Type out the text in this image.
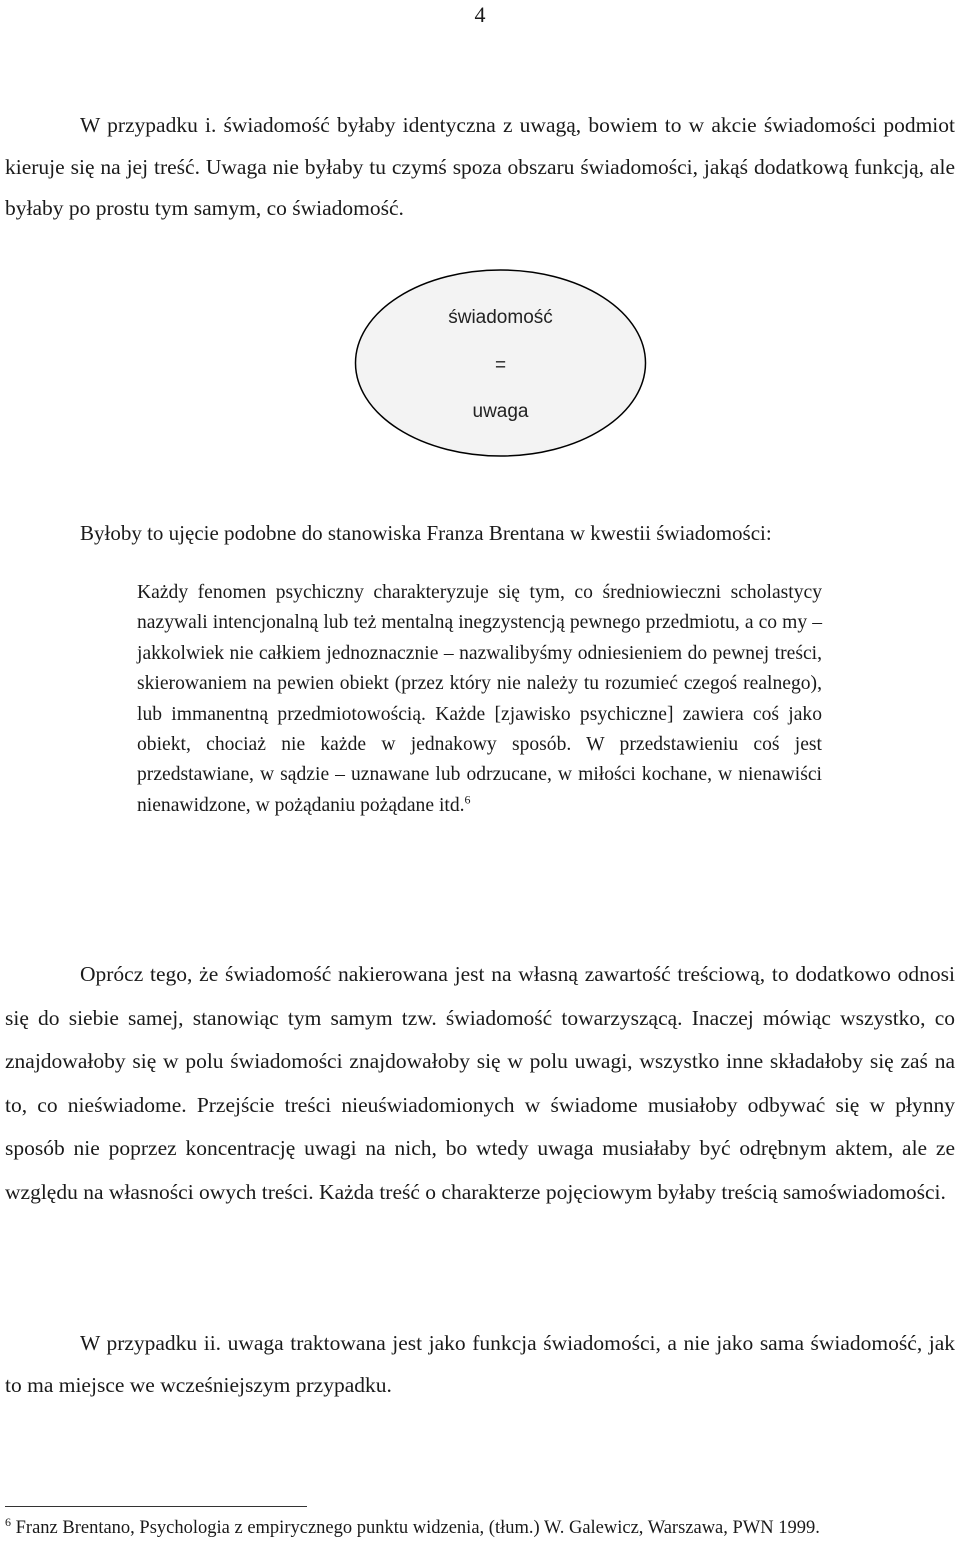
4

W przypadku i. świadomość byłaby identyczna z uwagą, bowiem to w akcie świadomości podmiot kieruje się na jej treść. Uwaga nie byłaby tu czymś spoza obszaru świadomości, jakąś dodatkową funkcją, ale byłaby po prostu tym samym, co świadomość.

świadomość
=
uwaga

Byłoby to ujęcie podobne do stanowiska Franza Brentana w kwestii świadomości:

Każdy fenomen psychiczny charakteryzuje się tym, co średniowieczni scholastycy nazywali intencjonalną lub też mentalną inegzystencją pewnego przedmiotu, a co my – jakkolwiek nie całkiem jednoznacznie – nazwalibyśmy odniesieniem do pewnej treści, skierowaniem na pewien obiekt (przez który nie należy tu rozumieć czegoś realnego), lub immanentną przedmiotowością. Każde [zjawisko psychiczne] zawiera coś jako obiekt, chociaż nie każde w jednakowy sposób. W przedstawieniu coś jest przedstawiane, w sądzie – uznawane lub odrzucane, w miłości kochane, w nienawiści nienawidzone, w pożądaniu pożądane itd.$^6$

Oprócz tego, że świadomość nakierowana jest na własną zawartość treściową, to dodatkowo odnosi się do siebie samej, stanowiąc tym samym tzw. świadomość towarzyszącą. Inaczej mówiąc wszystko, co znajdowałoby się w polu świadomości znajdowałoby się w polu uwagi, wszystko inne składałoby się zaś na to, co nieświadome. Przejście treści nieuświadomionych w świadome musiałoby odbywać się w płynny sposób nie poprzez koncentrację uwagi na nich, bo wtedy uwaga musiałaby być odrębnym aktem, ale ze względu na własności owych treści. Każda treść o charakterze pojęciowym byłaby treścią samoświadomości.

W przypadku ii. uwaga traktowana jest jako funkcja świadomości, a nie jako sama świadomość, jak to ma miejsce we wcześniejszym przypadku.

$^6$ Franz Brentano, Psychologia z empirycznego punktu widzenia, (tłum.) W. Galewicz, Warszawa, PWN 1999.
